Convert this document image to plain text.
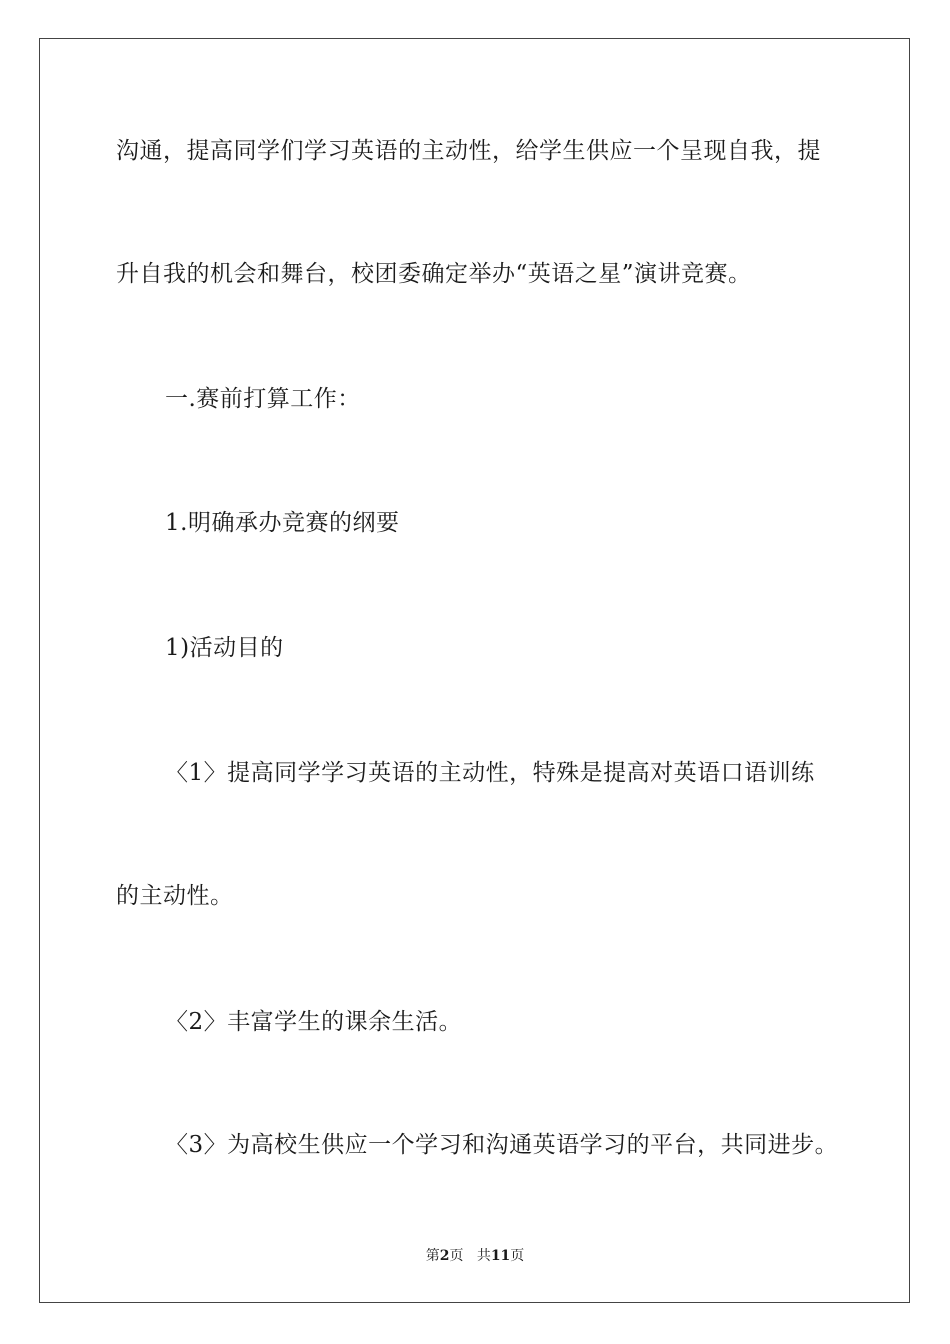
沟通，提高同学们学习英语的主动性，给学生供应一个呈现自我，提
升自我的机会和舞台，校团委确定举办“英语之星”演讲竞赛。
一.赛前打算工作：
1.明确承办竞赛的纲要
1)活动目的
〈1〉提高同学学习英语的主动性，特殊是提高对英语口语训练
的主动性。
〈2〉丰富学生的课余生活。
〈3〉为高校生供应一个学习和沟通英语学习的平台，共同进步。
第2页 共11页
